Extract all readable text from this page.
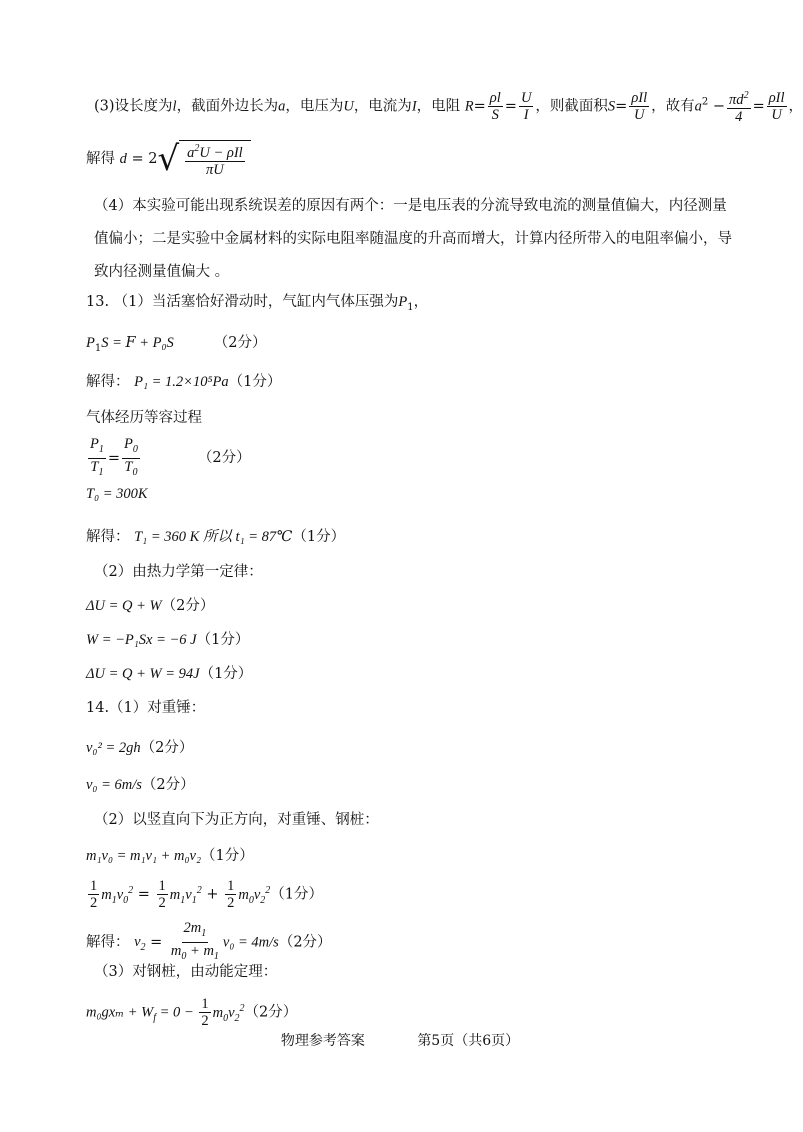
(3)设长度为l，截面外边长为a，电压为U，电流为I，电阻 $R= \frac{\rho l}{S} = \frac{U}{I}$ ，则截面积$S= \frac{\text{ρIl}}{U}$ ，故有$a^2 - \frac{\pi d^2}{4} = \frac{\text{ρIl}}{U}$ ，
解得 d = 2 √ $\frac{a^2U - \rho Il}{\pi U}$
（4）本实验可能出现系统误差的原因有两个：一是电压表的分流导致电流的测量值偏大，内径测量值偏小；二是实验中金属材料的实际电阻率随温度的升高而增大，计算内径所带入的电阻率偏小，导致内径测量值偏大 。
13. （1）当活塞恰好滑动时，气缸内气体压强为$P_1$，
$P_1S$ = 𝐹 + P₀S	（2分）
解得： P₁ = 1.2×10⁵Pa（1分）
气体经历等容过程
$\frac{P_1}{T_1} = \frac{P_0}{T_0}$	（2分）
T₀ = 300K
解得： T₁ = 360 K 所以 t₁ = 87℃（1分）
（2）由热力学第一定律：
ΔU = Q + W（2分）
W = −P₁Sx = −6 J（1分）
ΔU = Q + W = 94J（1分）
14.（1）对重锤：
v₀² = 2gh（2分）
v₀ = 6m/s（2分）
（2）以竖直向下为正方向，对重锤、钢桩：
m₁v₀ = m₁v₁ + m₀v₂（1分）
$\frac{1}{2} m_1v_0^2 = \frac{1}{2} m_1v_1^2 + \frac{1}{2} m_0v_2^2(1$分）
解得： $v_2 = \frac{2m_1}{m_0 + m_1} v_0 = 4m/s(2$分）
（3）对钢桩，由动能定理：
$m_0gx_m + W_f = 0 - \frac{1}{2} m_0v_2^2(2$分）
物理参考答案	第5页（共6页）
